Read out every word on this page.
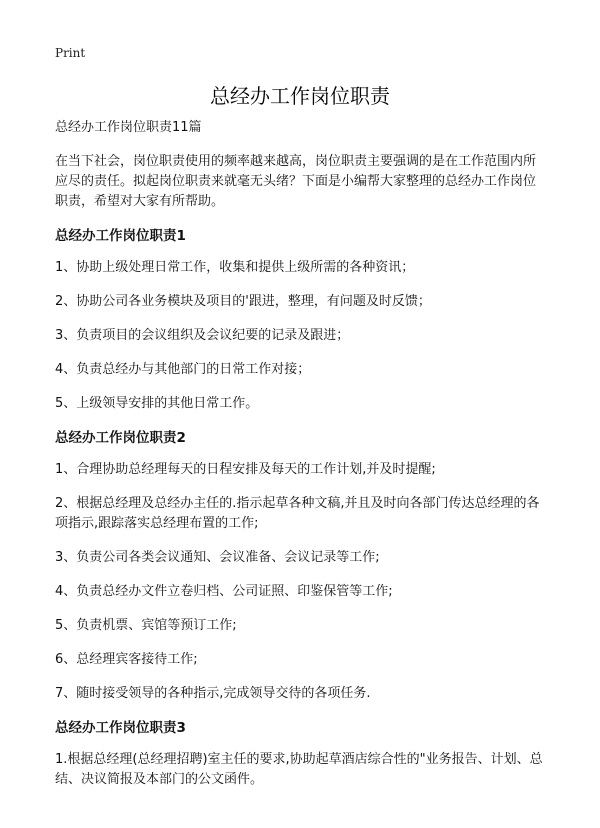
Print
总经办工作岗位职责

总经办工作岗位职责11篇

在当下社会，岗位职责使用的频率越来越高，岗位职责主要强调的是在工作范围内所应尽的责任。拟起岗位职责来就毫无头绪？下面是小编帮大家整理的总经办工作岗位职责，希望对大家有所帮助。

总经办工作岗位职责1

1、协助上级处理日常工作，收集和提供上级所需的各种资讯；

2、协助公司各业务模块及项目的'跟进，整理，有问题及时反馈；

3、负责项目的会议组织及会议纪要的记录及跟进；

4、负责总经办与其他部门的日常工作对接；

5、上级领导安排的其他日常工作。

总经办工作岗位职责2

1、合理协助总经理每天的日程安排及每天的工作计划,并及时提醒;

2、根据总经理及总经办主任的.指示起草各种文稿,并且及时向各部门传达总经理的各项指示,跟踪落实总经理布置的工作;

3、负责公司各类会议通知、会议准备、会议记录等工作;

4、负责总经办文件立卷归档、公司证照、印鉴保管等工作;

5、负责机票、宾馆等预订工作;

6、总经理宾客接待工作;

7、随时接受领导的各种指示,完成领导交待的各项任务.

总经办工作岗位职责3

1.根据总经理(总经理招聘)室主任的要求,协助起草酒店综合性的"业务报告、计划、总结、决议简报及本部门的公文函件。
